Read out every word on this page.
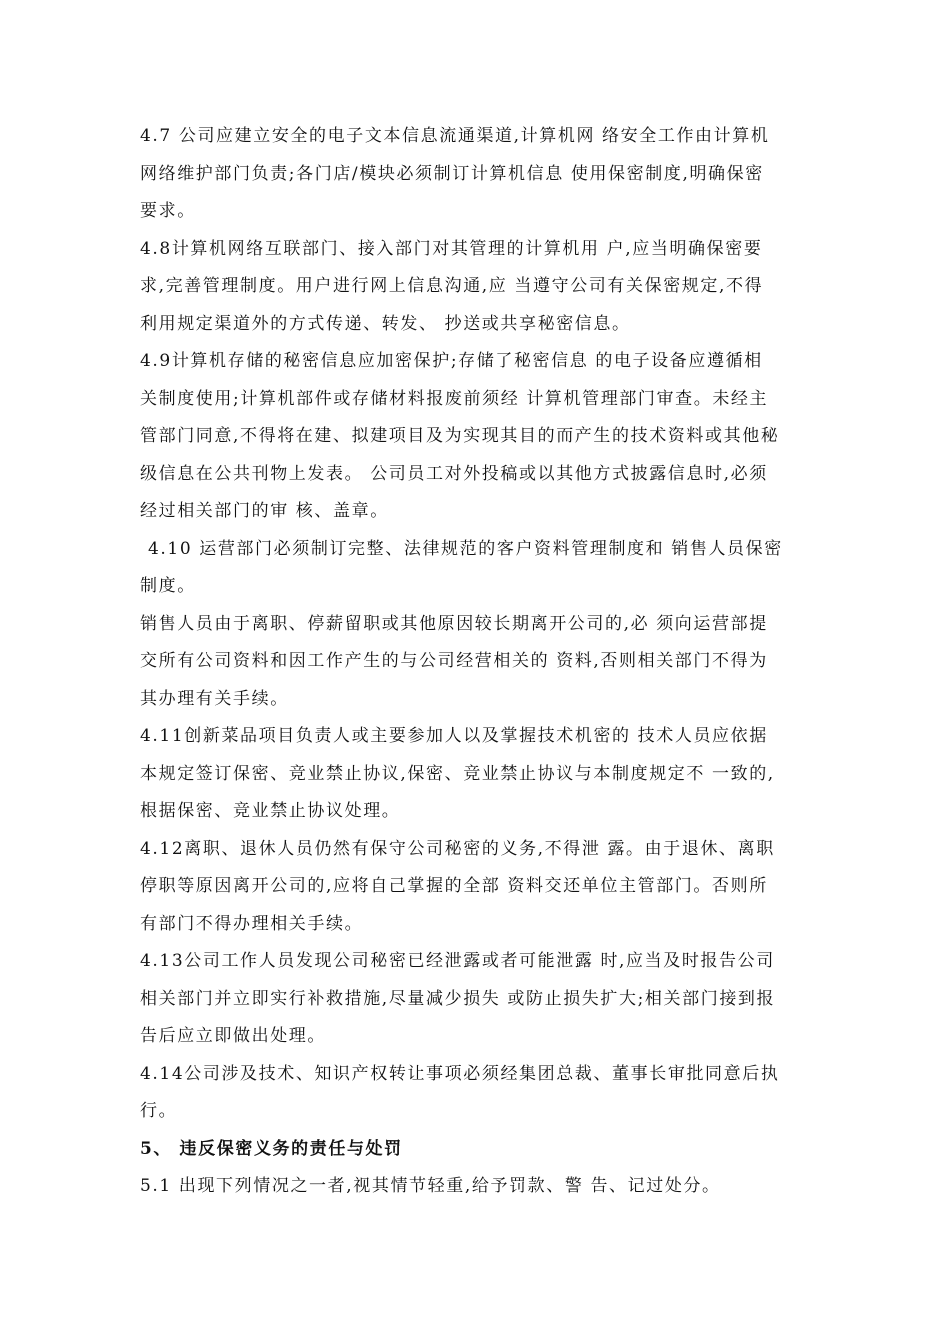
4.7 公司应建立安全的电子文本信息流通渠道,计算机网 络安全工作由计算机
网络维护部门负责;各门店/模块必须制订计算机信息 使用保密制度,明确保密
要求。
4.8计算机网络互联部门、接入部门对其管理的计算机用 户,应当明确保密要
求,完善管理制度。用户进行网上信息沟通,应 当遵守公司有关保密规定,不得
利用规定渠道外的方式传递、转发、 抄送或共享秘密信息。
4.9计算机存储的秘密信息应加密保护;存储了秘密信息 的电子设备应遵循相
关制度使用;计算机部件或存储材料报废前须经 计算机管理部门审查。未经主
管部门同意,不得将在建、拟建项目及为实现其目的而产生的技术资料或其他秘
级信息在公共刊物上发表。 公司员工对外投稿或以其他方式披露信息时,必须
经过相关部门的审 核、盖章。
4.10 运营部门必须制订完整、法律规范的客户资料管理制度和 销售人员保密
制度。
销售人员由于离职、停薪留职或其他原因较长期离开公司的,必 须向运营部提
交所有公司资料和因工作产生的与公司经营相关的 资料,否则相关部门不得为
其办理有关手续。
4.11创新菜品项目负责人或主要参加人以及掌握技术机密的 技术人员应依据
本规定签订保密、竞业禁止协议,保密、竞业禁止协议与本制度规定不 一致的,
根据保密、竞业禁止协议处理。
4.12离职、退休人员仍然有保守公司秘密的义务,不得泄 露。由于退休、离职
停职等原因离开公司的,应将自己掌握的全部 资料交还单位主管部门。否则所
有部门不得办理相关手续。
4.13公司工作人员发现公司秘密已经泄露或者可能泄露 时,应当及时报告公司
相关部门并立即实行补救措施,尽量减少损失 或防止损失扩大;相关部门接到报
告后应立即做出处理。
4.14公司涉及技术、知识产权转让事项必须经集团总裁、董事长审批同意后执
行。
5、 违反保密义务的责任与处罚
5.1 出现下列情况之一者,视其情节轻重,给予罚款、警 告、记过处分。
